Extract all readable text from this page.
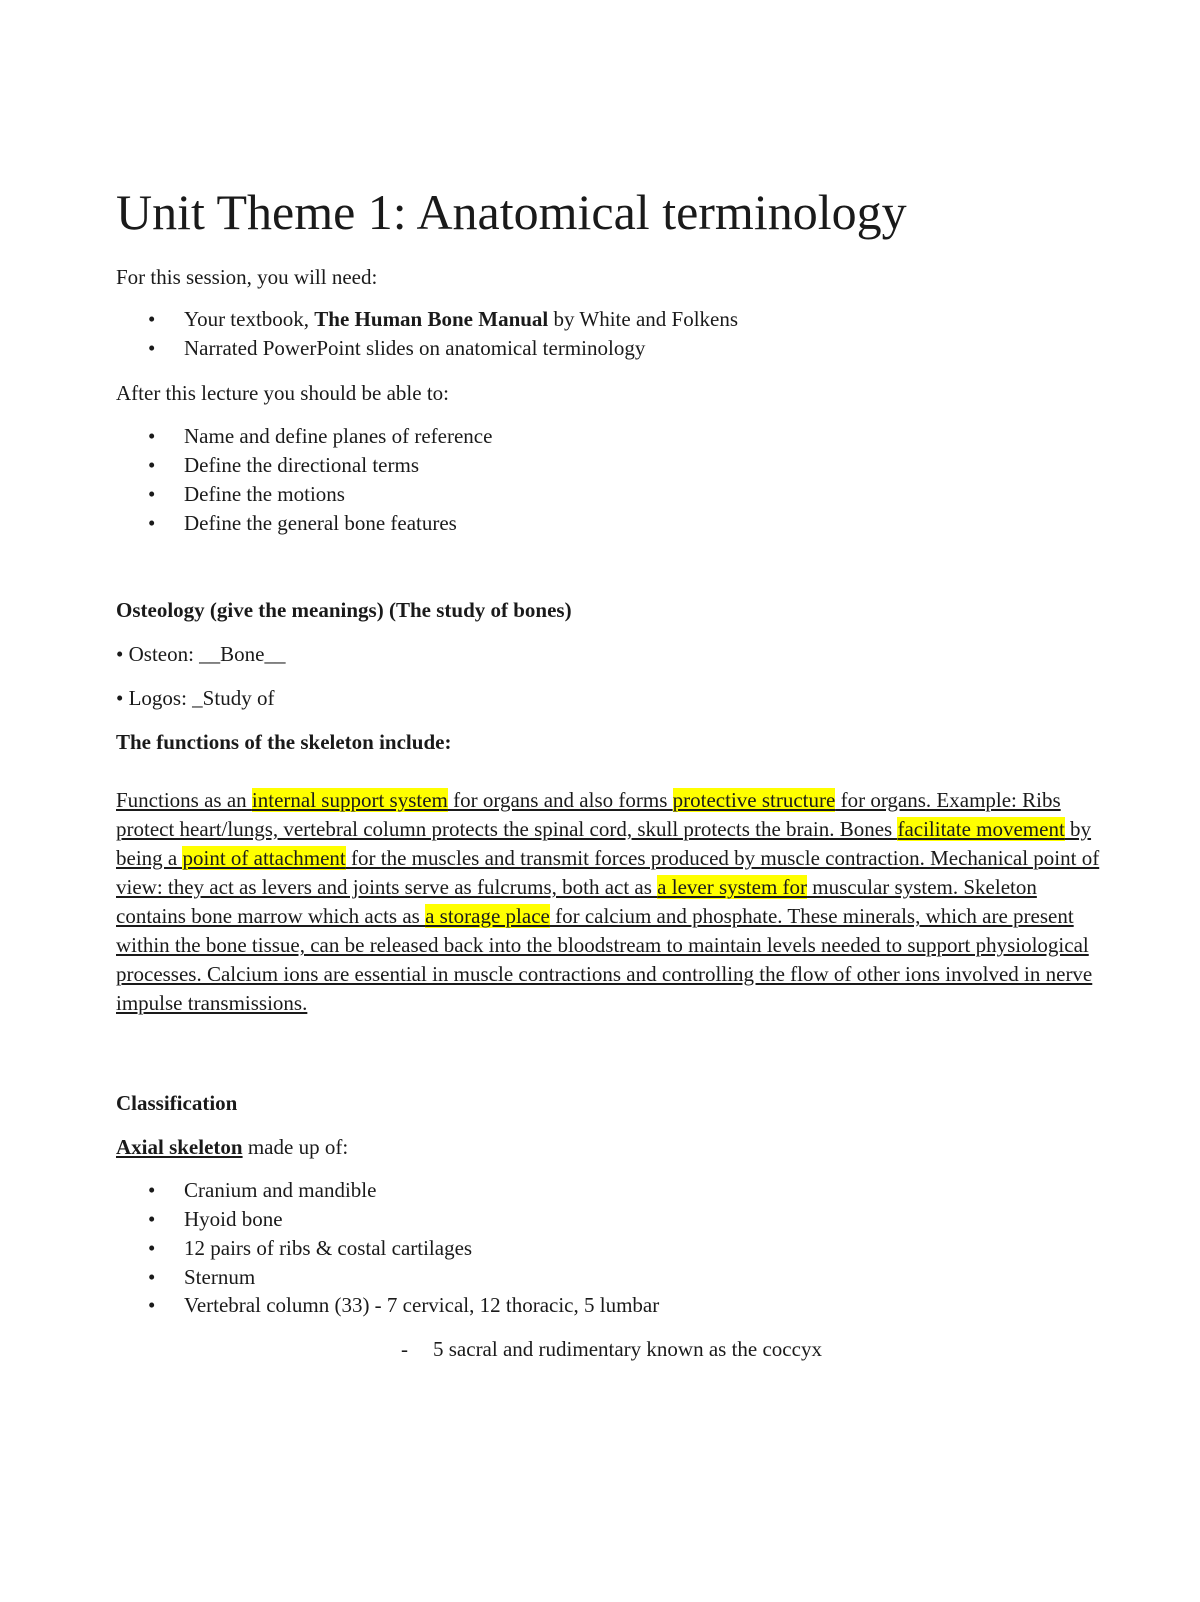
Unit Theme 1: Anatomical terminology

For this session, you will need:

• Your textbook, The Human Bone Manual by White and Folkens
• Narrated PowerPoint slides on anatomical terminology

After this lecture you should be able to:

• Name and define planes of reference
• Define the directional terms
• Define the motions
• Define the general bone features

Osteology (give the meanings) (The study of bones)

• Osteon: __Bone__

• Logos: _Study of

The functions of the skeleton include:

Functions as an internal support system for organs and also forms protective structure for organs. Example: Ribs protect heart/lungs, vertebral column protects the spinal cord, skull protects the brain. Bones facilitate movement by being a point of attachment for the muscles and transmit forces produced by muscle contraction. Mechanical point of view: they act as levers and joints serve as fulcrums, both act as a lever system for muscular system. Skeleton contains bone marrow which acts as a storage place for calcium and phosphate. These minerals, which are present within the bone tissue, can be released back into the bloodstream to maintain levels needed to support physiological processes. Calcium ions are essential in muscle contractions and controlling the flow of other ions involved in nerve impulse transmissions.

Classification

Axial skeleton made up of:

• Cranium and mandible
• Hyoid bone
• 12 pairs of ribs & costal cartilages
• Sternum
• Vertebral column (33) - 7 cervical, 12 thoracic, 5 lumbar
- 5 sacral and rudimentary known as the coccyx
